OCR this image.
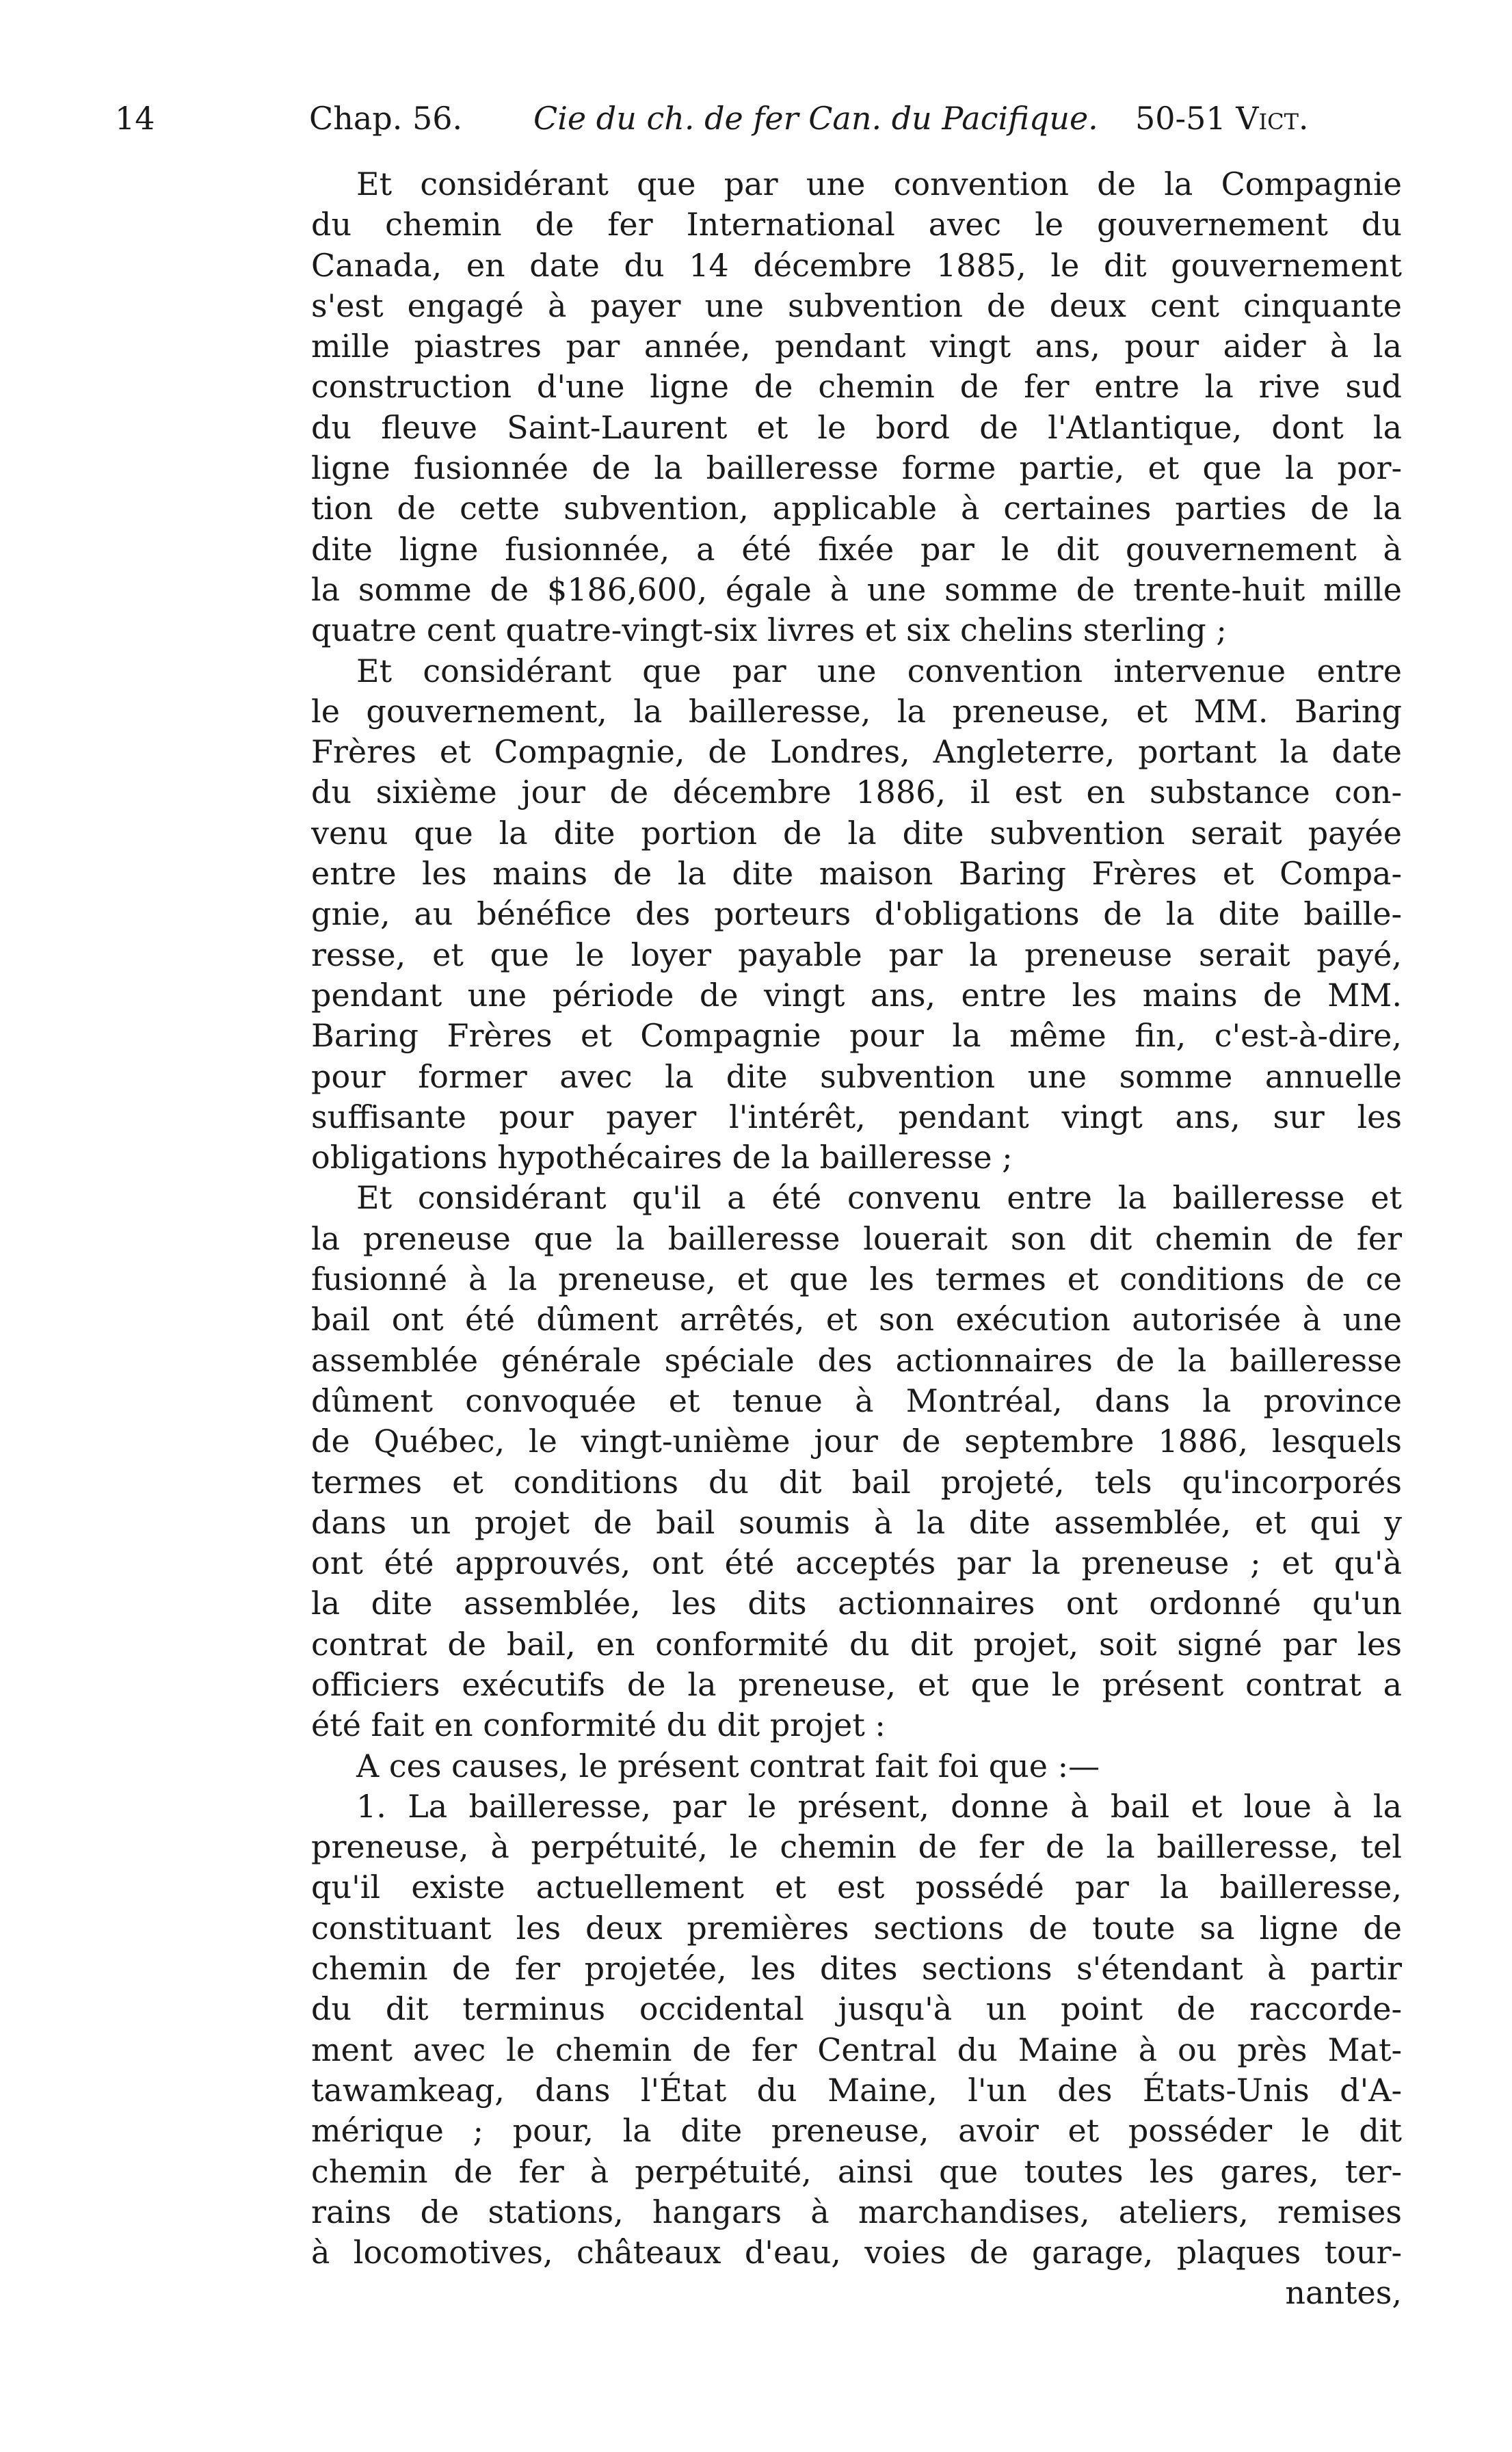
14	Chap. 56. Cie du ch. de fer Can. du Pacifique. 50-51 Vict.
Et considérant que par une convention de la Compagnie
du chemin de fer International avec le gouvernement du
Canada, en date du 14 décembre 1885, le dit gouvernement
s'est engagé à payer une subvention de deux cent cinquante
mille piastres par année, pendant vingt ans, pour aider à la
construction d'une ligne de chemin de fer entre la rive sud
du fleuve Saint-Laurent et le bord de l'Atlantique, dont la
ligne fusionnée de la bailleresse forme partie, et que la por-
tion de cette subvention, applicable à certaines parties de la
dite ligne fusionnée, a été fixée par le dit gouvernement à
la somme de $186,600, égale à une somme de trente-huit mille
quatre cent quatre-vingt-six livres et six chelins sterling ;
Et considérant que par une convention intervenue entre
le gouvernement, la bailleresse, la preneuse, et MM. Baring
Frères et Compagnie, de Londres, Angleterre, portant la date
du sixième jour de décembre 1886, il est en substance con-
venu que la dite portion de la dite subvention serait payée
entre les mains de la dite maison Baring Frères et Compa-
gnie, au bénéfice des porteurs d'obligations de la dite baille-
resse, et que le loyer payable par la preneuse serait payé,
pendant une période de vingt ans, entre les mains de MM.
Baring Frères et Compagnie pour la même fin, c'est-à-dire,
pour former avec la dite subvention une somme annuelle
suffisante pour payer l'intérêt, pendant vingt ans, sur les
obligations hypothécaires de la bailleresse ;
Et considérant qu'il a été convenu entre la bailleresse et
la preneuse que la bailleresse louerait son dit chemin de fer
fusionné à la preneuse, et que les termes et conditions de ce
bail ont été dûment arrêtés, et son exécution autorisée à une
assemblée générale spéciale des actionnaires de la bailleresse
dûment convoquée et tenue à Montréal, dans la province
de Québec, le vingt-unième jour de septembre 1886, lesquels
termes et conditions du dit bail projeté, tels qu'incorporés
dans un projet de bail soumis à la dite assemblée, et qui y
ont été approuvés, ont été acceptés par la preneuse ; et qu'à
la dite assemblée, les dits actionnaires ont ordonné qu'un
contrat de bail, en conformité du dit projet, soit signé par les
officiers exécutifs de la preneuse, et que le présent contrat a
été fait en conformité du dit projet :
A ces causes, le présent contrat fait foi que :—
1. La bailleresse, par le présent, donne à bail et loue à la
preneuse, à perpétuité, le chemin de fer de la bailleresse, tel
qu'il existe actuellement et est possédé par la bailleresse,
constituant les deux premières sections de toute sa ligne de
chemin de fer projetée, les dites sections s'étendant à partir
du dit terminus occidental jusqu'à un point de raccorde-
ment avec le chemin de fer Central du Maine à ou près Mat-
tawamkeag, dans l'État du Maine, l'un des États-Unis d'A-
mérique ; pour, la dite preneuse, avoir et posséder le dit
chemin de fer à perpétuité, ainsi que toutes les gares, ter-
rains de stations, hangars à marchandises, ateliers, remises
à locomotives, châteaux d'eau, voies de garage, plaques tour-
nantes,
